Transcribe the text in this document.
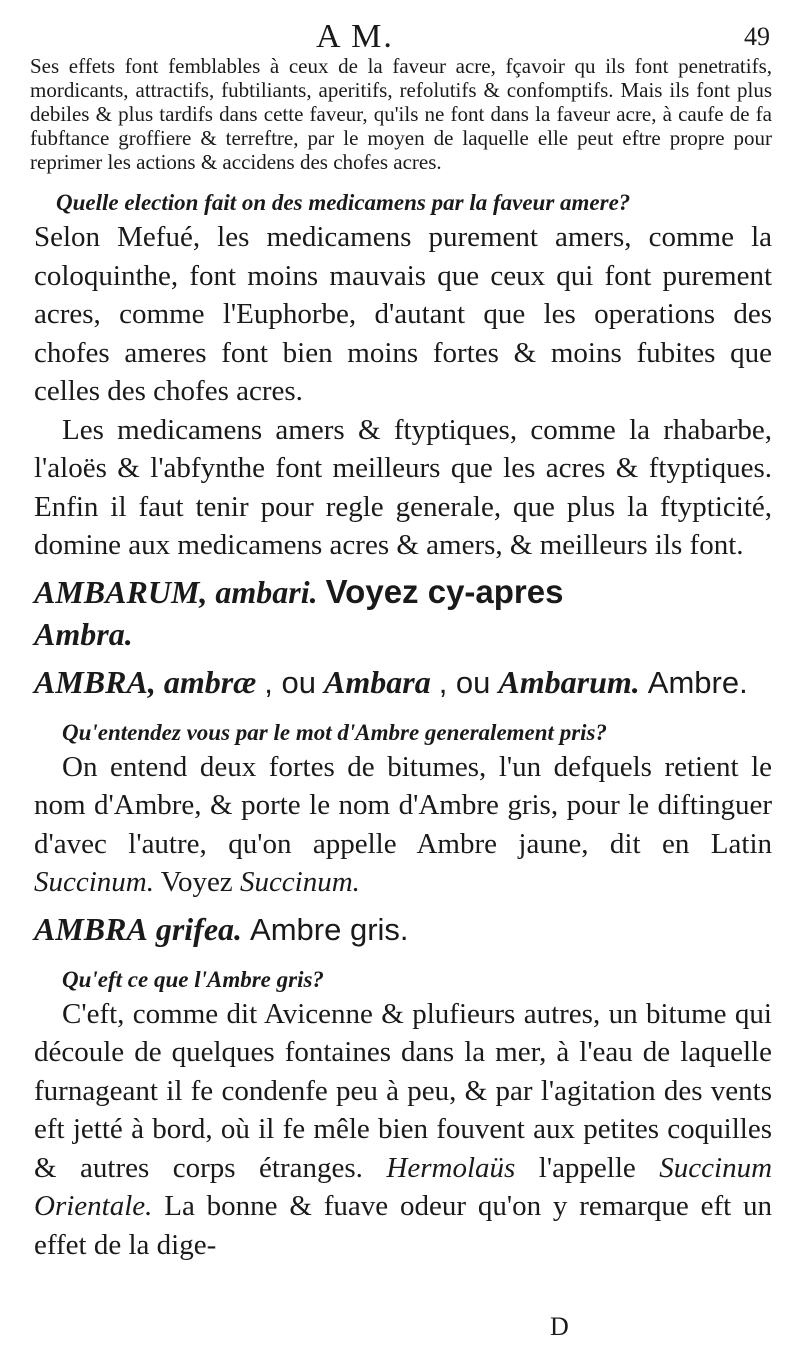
A M.	49

Ses effets font femblables à ceux de la faveur acre, fçavoir qu ils font penetratifs, mordicants, attractifs, fubtiliants, aperitifs, refolutifs & confomptifs. Mais ils font plus debiles & plus tardifs dans cette faveur, qu'ils ne font dans la faveur acre, à caufe de fa fubftance groffiere & terreftre, par le moyen de laquelle elle peut eftre propre pour reprimer les actions & accidens des chofes acres.

Quelle election fait on des medicamens par la faveur amere?

Selon Mefué, les medicamens purement amers, comme la coloquinthe, font moins mauvais que ceux qui font purement acres, comme l'Euphorbe, d'autant que les operations des chofes ameres font bien moins fortes & moins fubites que celles des chofes acres.

Les medicamens amers & ftyptiques, comme la rhabarbe, l'aloës & l'abfynthe font meilleurs que les acres & ftyptiques. Enfin il faut tenir pour regle generale, que plus la ftypticité, domine aux medicamens acres & amers, & meilleurs ils font.

AMBARUM, ambari. Voyez cy-apres
Ambra.

AMBRA, ambræ , ou Ambara , ou Ambarum. Ambre.

Qu'entendez vous par le mot d'Ambre generalement pris?

On entend deux fortes de bitumes, l'un defquels retient le nom d'Ambre, & porte le nom d'Ambre gris, pour le diftinguer d'avec l'autre, qu'on appelle Ambre jaune, dit en Latin Succinum. Voyez Succinum.

AMBRA grifea. Ambre gris.

Qu'eft ce que l'Ambre gris?

C'eft, comme dit Avicenne & plufieurs autres, un bitume qui découle de quelques fontaines dans la mer, à l'eau de laquelle furnageant il fe condenfe peu à peu, & par l'agitation des vents eft jetté à bord, où il fe mêle bien fouvent aux petites coquilles & autres corps étranges. Hermolaüs l'appelle Succinum Orientale. La bonne & fuave odeur qu'on y remarque eft un effet de la dige-

D
